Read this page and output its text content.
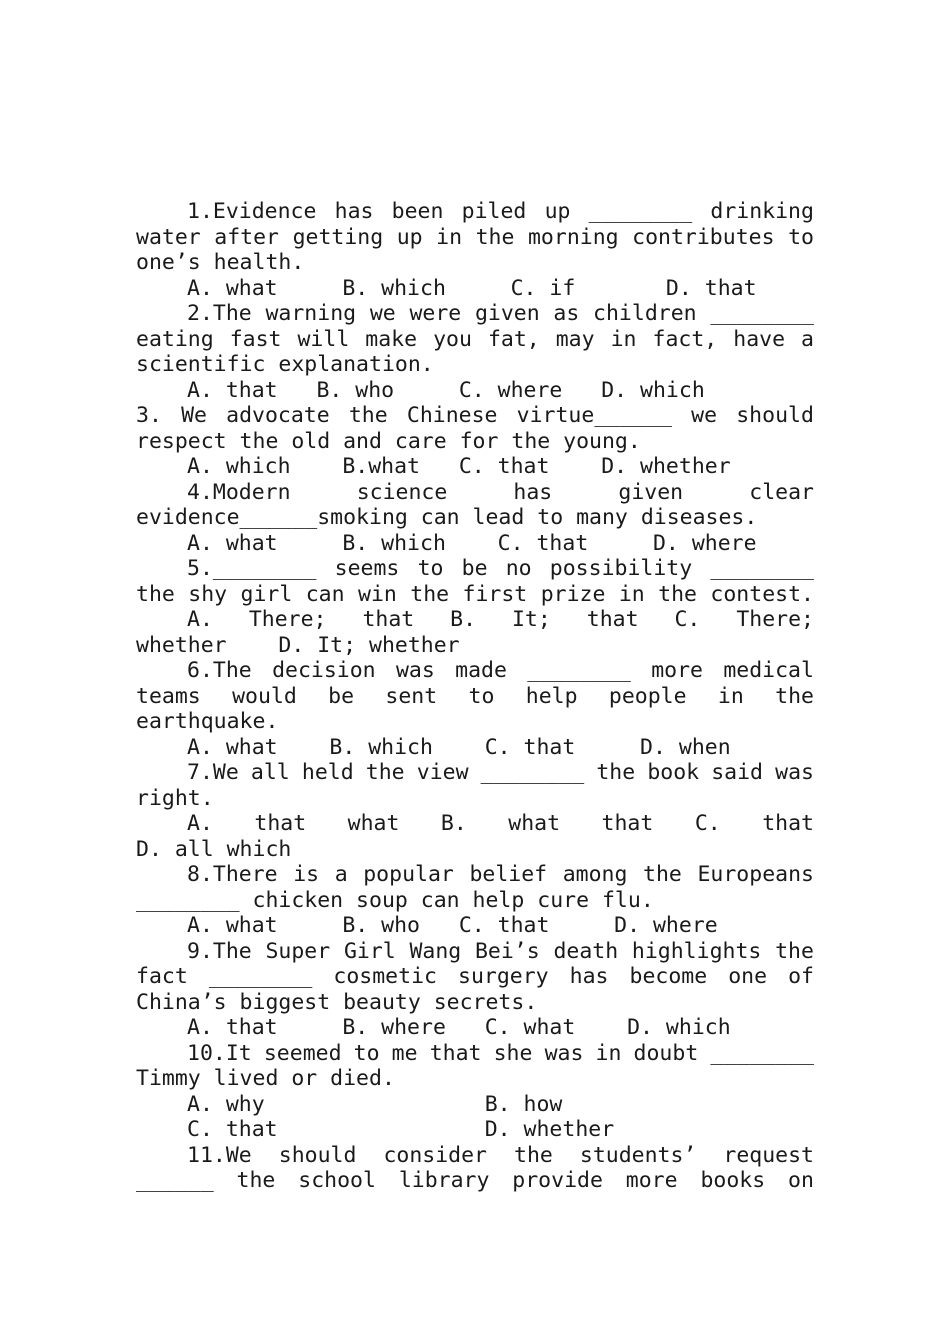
1.Evidence has been piled up ________ drinking
water after getting up in the morning contributes to
one’s health.
A. what     B. which     C. if       D. that
2.The warning we were given as children ________
eating fast will make you fat, may in fact, have a
scientific explanation.
A. that   B. who     C. where   D. which
3. We advocate the Chinese virtue______ we should
respect the old and care for the young.
A. which    B.what   C. that    D. whether
4.Modern	science	has	given	clear
evidence______smoking can lead to many diseases.
A. what     B. which    C. that     D. where
5.________ seems to be no possibility ________
the shy girl can win the first prize in the contest.
A. There; that B. It; that C. There;
whether    D. It; whether
6.The decision was made ________ more medical
teams would be sent to help people in the
earthquake.
A. what    B. which    C. that     D. when
7.We all held the view ________ the book said was
right.
A. that what B. what that C. that
D. all which
8.There is a popular belief among the Europeans
________ chicken soup can help cure flu.
A. what     B. who   C. that     D. where
9.The Super Girl Wang Bei’s death highlights the
fact ________ cosmetic surgery has become one of
China’s biggest beauty secrets.
A. that     B. where   C. what    D. which
10.It seemed to me that she was in doubt ________
Timmy lived or died.
A. why                 B. how
C. that                D. whether
11.We should consider the students’ request
______ the school library provide more books on
